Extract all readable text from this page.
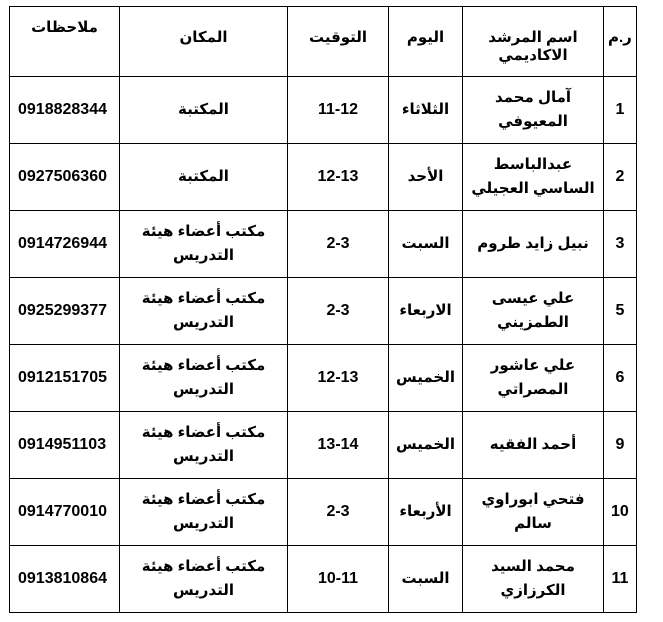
ر.م	اسم المرشد الاكاديمي	اليوم	التوقيت	المكان	ملاحظات
1	آمال محمد المعيوفي	الثلاثاء	11-12	المكتبة	0918828344
2	عبدالباسط الساسي العجيلي	الأحد	12-13	المكتبة	0927506360
3	نبيل زايد طروم	السبت	2-3	مكتب أعضاء هيئة التدريس	0914726944
5	علي عيسى الطمزيني	الاربعاء	2-3	مكتب أعضاء هيئة التدريس	0925299377
6	علي عاشور المصراتي	الخميس	12-13	مكتب أعضاء هيئة التدريس	0912151705
9	أحمد الفقيه	الخميس	13-14	مكتب أعضاء هيئة التدريس	0914951103
10	فتحي ابوراوي سالم	الأربعاء	2-3	مكتب أعضاء هيئة التدريس	0914770010
11	محمد السيد الكرزازي	السبت	10-11	مكتب أعضاء هيئة التدريس	0913810864
